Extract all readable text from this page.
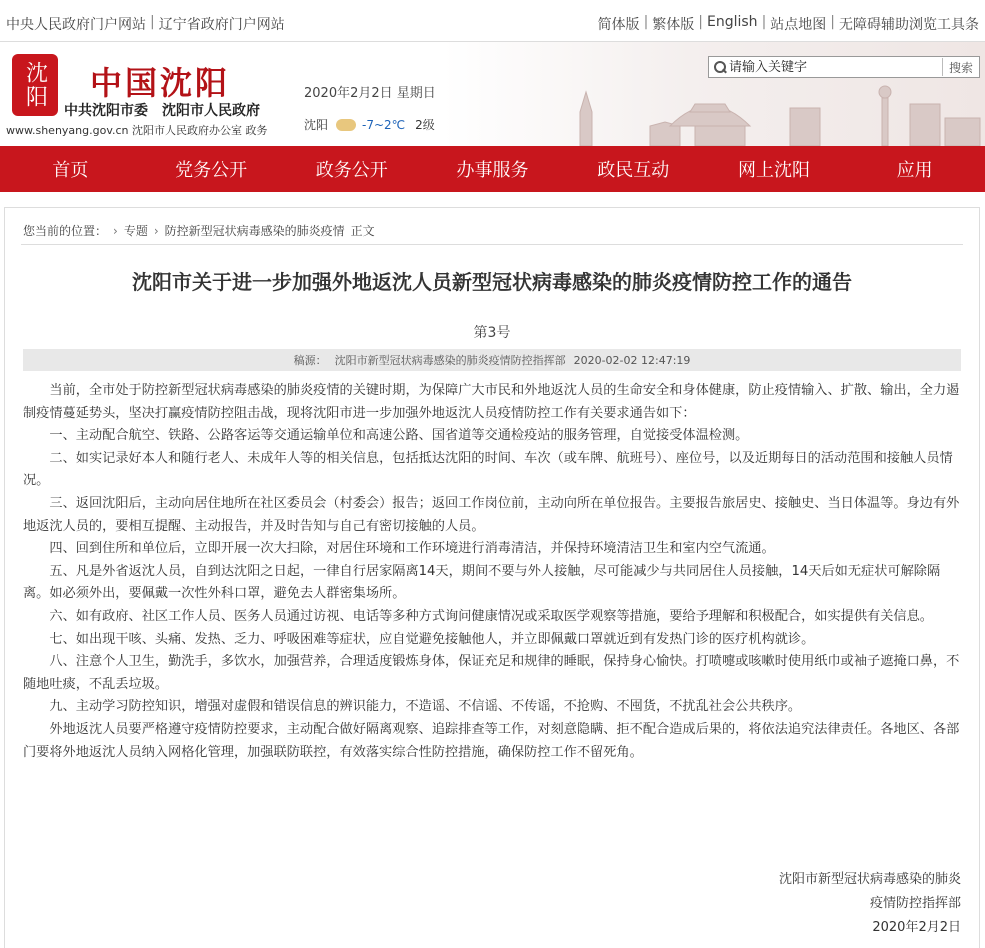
中央人民政府门户网站 | 辽宁省政府门户网站	简体版 | 繁体版 | English | 站点地图 | 无障碍辅助浏览工具条
沈阳 中国沈阳
中共沈阳市委　沈阳市人民政府
www.shenyang.gov.cn 沈阳市人民政府办公室 政务
2020年2月2日 星期日
沈阳	-7~2℃ 2级
请输入关键字
搜索
首页	党务公开	政务公开	办事服务	政民互动	网上沈阳	应用
您当前的位置： › 专题 › 防控新型冠状病毒感染的肺炎疫情 正文
沈阳市关于进一步加强外地返沈人员新型冠状病毒感染的肺炎疫情防控工作的通告
第3号
稿源： 沈阳市新型冠状病毒感染的肺炎疫情防控指挥部 2020-02-02 12:47:19

当前，全市处于防控新型冠状病毒感染的肺炎疫情的关键时期，为保障广大市民和外地返沈人员的生命安全和身体健康，防止疫情输入、扩散、输出，全力遏制疫情蔓延势头，坚决打赢疫情防控阻击战，现将沈阳市进一步加强外地返沈人员疫情防控工作有关要求通告如下：

一、主动配合航空、铁路、公路客运等交通运输单位和高速公路、国省道等交通检疫站的服务管理，自觉接受体温检测。

二、如实记录好本人和随行老人、未成年人等的相关信息，包括抵达沈阳的时间、车次（或车牌、航班号）、座位号，以及近期每日的活动范围和接触人员情况。

三、返回沈阳后，主动向居住地所在社区委员会（村委会）报告；返回工作岗位前，主动向所在单位报告。主要报告旅居史、接触史、当日体温等。身边有外地返沈人员的，要相互提醒、主动报告，并及时告知与自己有密切接触的人员。

四、回到住所和单位后，立即开展一次大扫除，对居住环境和工作环境进行消毒清洁，并保持环境清洁卫生和室内空气流通。

五、凡是外省返沈人员，自到达沈阳之日起，一律自行居家隔离14天，期间不要与外人接触，尽可能减少与共同居住人员接触，14天后如无症状可解除隔离。如必须外出，要佩戴一次性外科口罩，避免去人群密集场所。

六、如有政府、社区工作人员、医务人员通过访视、电话等多种方式询问健康情况或采取医学观察等措施，要给予理解和积极配合，如实提供有关信息。

七、如出现干咳、头痛、发热、乏力、呼吸困难等症状，应自觉避免接触他人，并立即佩戴口罩就近到有发热门诊的医疗机构就诊。

八、注意个人卫生，勤洗手，多饮水，加强营养，合理适度锻炼身体，保证充足和规律的睡眠，保持身心愉快。打喷嚏或咳嗽时使用纸巾或袖子遮掩口鼻，不随地吐痰，不乱丢垃圾。

九、主动学习防控知识，增强对虚假和错误信息的辨识能力，不造谣、不信谣、不传谣，不抢购、不囤货，不扰乱社会公共秩序。

外地返沈人员要严格遵守疫情防控要求，主动配合做好隔离观察、追踪排查等工作，对刻意隐瞒、拒不配合造成后果的，将依法追究法律责任。各地区、各部门要将外地返沈人员纳入网格化管理，加强联防联控，有效落实综合性防控措施，确保防控工作不留死角。

沈阳市新型冠状病毒感染的肺炎
疫情防控指挥部
2020年2月2日
